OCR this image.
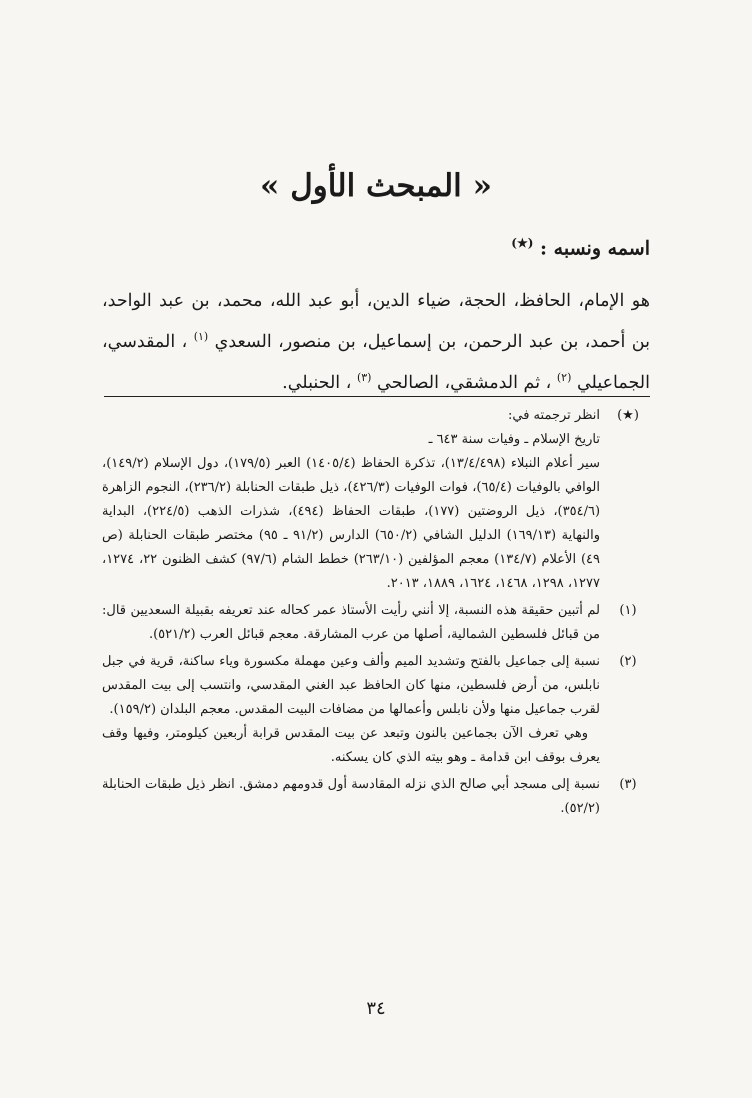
« المبحث الأول »
اسمه ونسبه : (★)
هو الإمام، الحافظ، الحجة، ضياء الدين، أبو عبد الله، محمد، بن عبد الواحد، بن أحمد، بن عبد الرحمن، بن إسماعيل، بن منصور، السعدي $^{(١)}$ ، المقدسي، الجماعيلي $^{(٢)}$ ، ثم الدمشقي، الصالحي $^{(٣)}$ ، الحنبلي.
(★)
انظر ترجمته في:
تاريخ الإسلام ـ وفيات سنة ٦٤٣ ـ
سير أعلام النبلاء (١٣/٤/٤٩٨)، تذكرة الحفاظ (١٤٠٥/٤) العبر (١٧٩/٥)، دول الإسلام (١٤٩/٢)، الوافي بالوفيات (٦٥/٤)، فوات الوفيات (٤٢٦/٣)، ذيل طبقات الحنابلة (٢٣٦/٢)، النجوم الزاهرة (٣٥٤/٦)، ذيل الروضتين (١٧٧)، طبقات الحفاظ (٤٩٤)، شذرات الذهب (٢٢٤/٥)، البداية والنهاية (١٦٩/١٣) الدليل الشافي (٦٥٠/٢) الدارس (٩١/٢ ـ ٩٥) مختصر طبقات الحنابلة (ص ٤٩) الأعلام (١٣٤/٧) معجم المؤلفين (٢٦٣/١٠) خطط الشام (٩٧/٦) كشف الظنون ٢٢، ١٢٧٤، ١٢٧٧، ١٢٩٨، ١٤٦٨، ١٦٢٤، ١٨٨٩، ٢٠١٣.
(١)
لم أتبين حقيقة هذه النسبة، إلا أنني رأيت الأستاذ عمر كحاله عند تعريفه بقبيلة السعديين قال: من قبائل فلسطين الشمالية، أصلها من عرب المشارقة. معجم قبائل العرب (٥٢١/٢).
(٢)
نسبة إلى جماعيل بالفتح وتشديد الميم وألف وعين مهملة مكسورة وياء ساكنة، قرية في جبل نابلس، من أرض فلسطين، منها كان الحافظ عبد الغني المقدسي، وانتسب إلى بيت المقدس لقرب جماعيل منها ولأن نابلس وأعمالها من مضافات البيت المقدس. معجم البلدان (١٥٩/٢).
وهي تعرف الآن بجماعين بالنون وتبعد عن بيت المقدس قرابة أربعين كيلومتر، وفيها وقف يعرف بوقف ابن قدامة ـ وهو بيته الذي كان يسكنه.
(٣)
نسبة إلى مسجد أبي صالح الذي نزله المقادسة أول قدومهم دمشق. انظر ذيل طبقات الحنابلة (٥٢/٢).
٣٤
